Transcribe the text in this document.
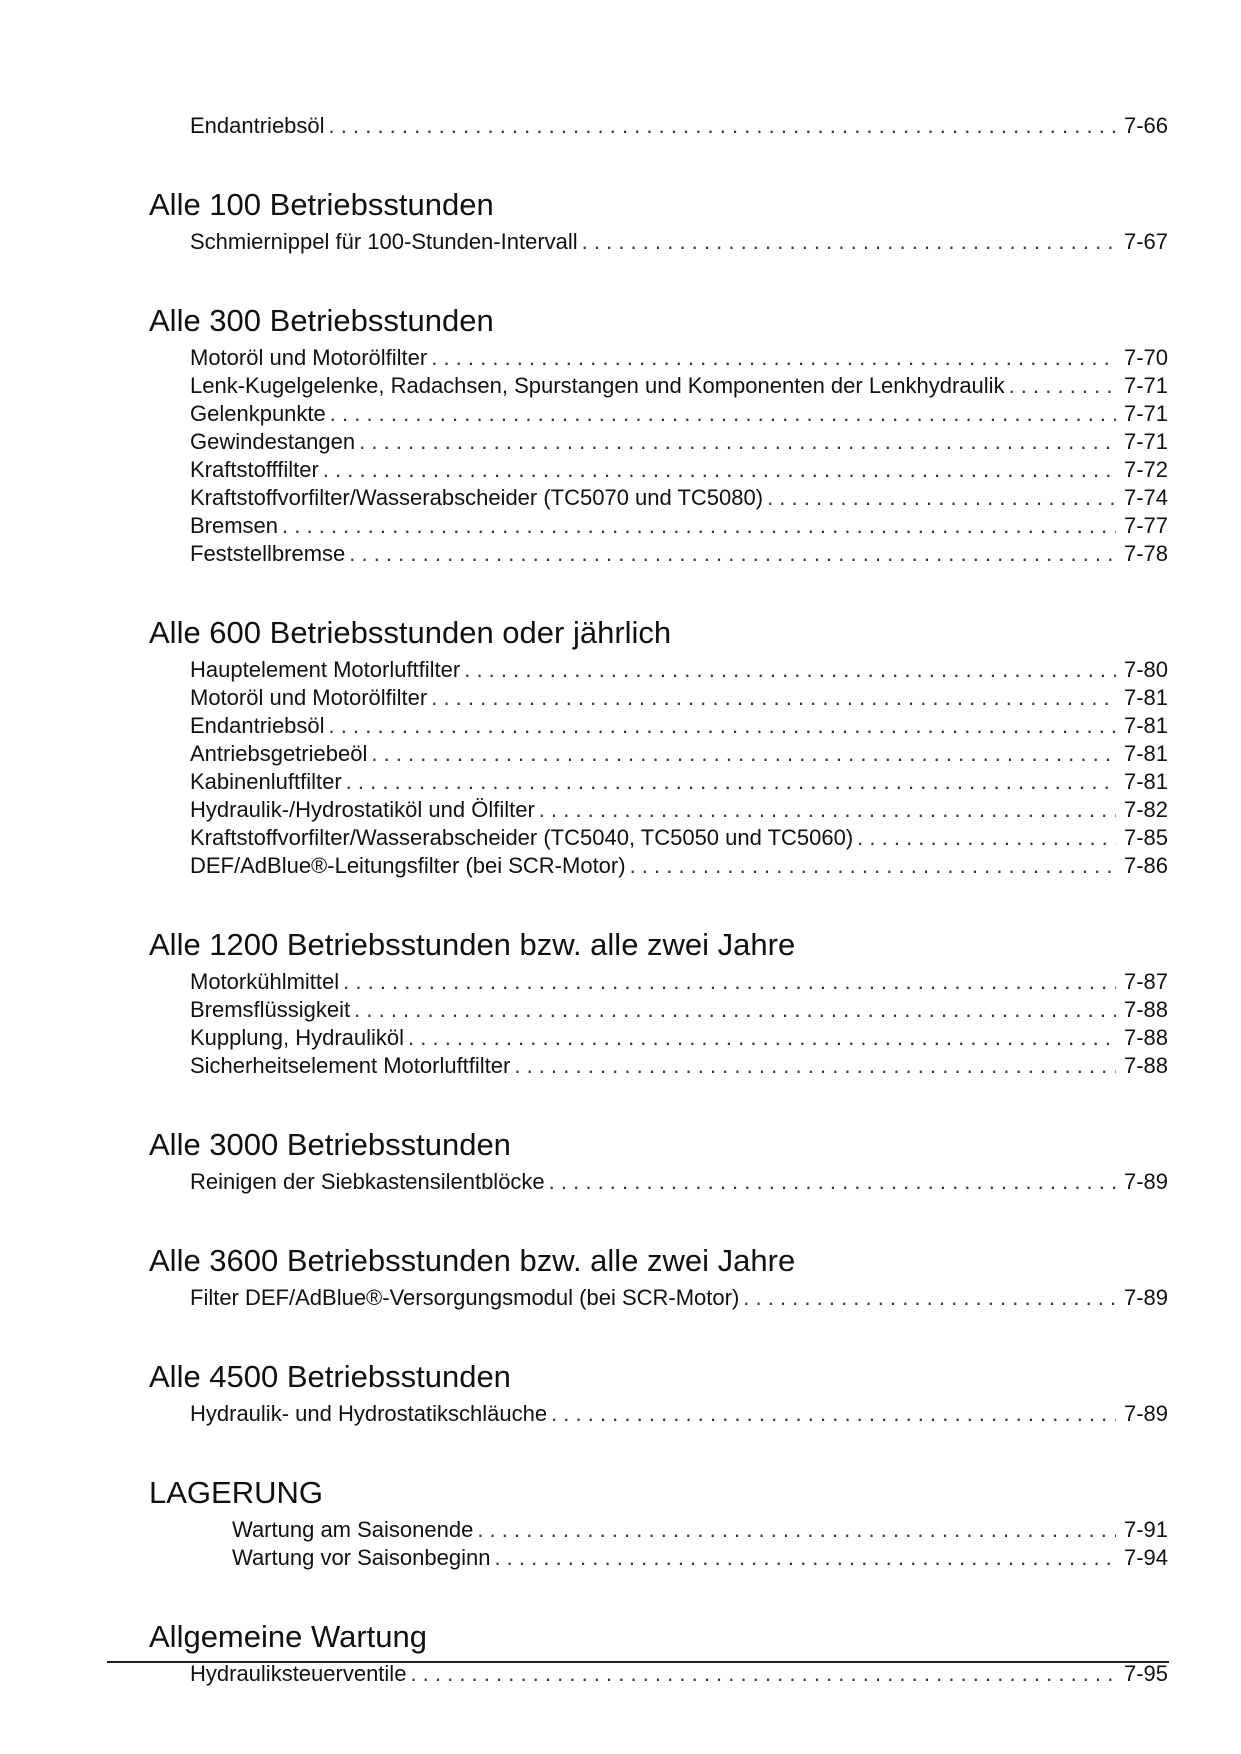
Endantriebsöl . . .	7-66
Alle 100 Betriebsstunden
Schmiernippel für 100-Stunden-Intervall . . .	7-67
Alle 300 Betriebsstunden
Motoröl und Motorölfilter . . .	7-70
Lenk-Kugelgelenke, Radachsen, Spurstangen und Komponenten der Lenkhydraulik . . .	7-71
Gelenkpunkte . . .	7-71
Gewindestangen . . .	7-71
Kraftstofffilter . . .	7-72
Kraftstoffvorfilter/Wasserabscheider (TC5070 und TC5080) . . .	7-74
Bremsen . . .	7-77
Feststellbremse . . .	7-78
Alle 600 Betriebsstunden oder jährlich
Hauptelement Motorluftfilter . . .	7-80
Motoröl und Motorölfilter . . .	7-81
Endantriebsöl . . .	7-81
Antriebsgetriebeöl . . .	7-81
Kabinenluftfilter . . .	7-81
Hydraulik-/Hydrostatiköl und Ölfilter . . .	7-82
Kraftstoffvorfilter/Wasserabscheider (TC5040, TC5050 und TC5060) . . .	7-85
DEF/AdBlue®-Leitungsfilter (bei SCR-Motor) . . .	7-86
Alle 1200 Betriebsstunden bzw. alle zwei Jahre
Motorkühlmittel . . .	7-87
Bremsflüssigkeit . . .	7-88
Kupplung, Hydrauliköl . . .	7-88
Sicherheitselement Motorluftfilter . . .	7-88
Alle 3000 Betriebsstunden
Reinigen der Siebkastensilentblöcke . . .	7-89
Alle 3600 Betriebsstunden bzw. alle zwei Jahre
Filter DEF/AdBlue®-Versorgungsmodul (bei SCR-Motor) . . .	7-89
Alle 4500 Betriebsstunden
Hydraulik- und Hydrostatikschläuche . . .	7-89
LAGERUNG
Wartung am Saisonende . . .	7-91
Wartung vor Saisonbeginn . . .	7-94
Allgemeine Wartung
Hydrauliksteuerventile . . .	7-95
